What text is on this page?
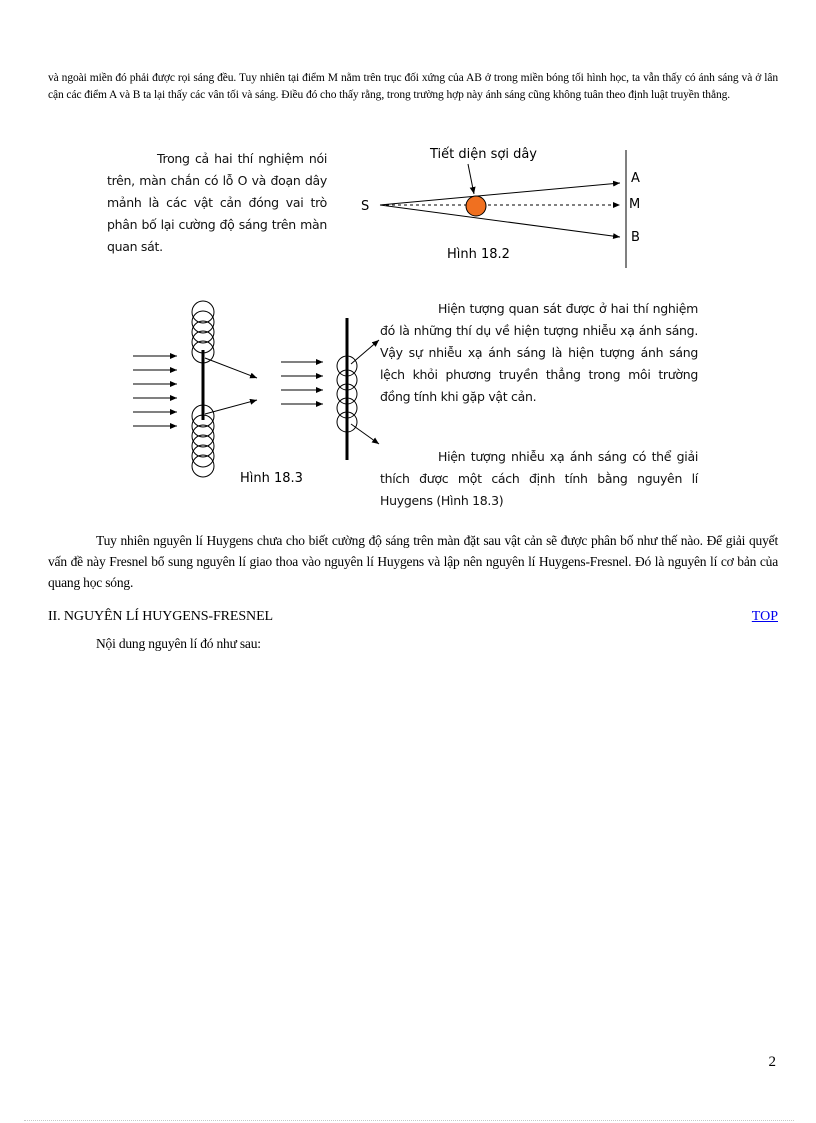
và ngoài miền đó phải được rọi sáng đều. Tuy nhiên tại điểm M nằm trên trục đối xứng của AB ở trong miền bóng tối hình học, ta vẫn thấy có ánh sáng và ở lân cận các điểm A và B ta lại thấy các vân tối và sáng. Điều đó cho thấy rằng, trong trường hợp này ánh sáng cũng không tuân theo định luật truyền thẳng.
Trong cả hai thí nghiệm nói trên, màn chắn có lỗ O và đoạn dây mảnh là các vật cản đóng vai trò phân bố lại cường độ sáng trên màn quan sát.
Tiết diện sợi dây
S
A
M
B
Hình 18.2
Hình 18.3
Hiện tượng quan sát được ở hai thí nghiệm đó là những thí dụ về hiện tượng nhiễu xạ ánh sáng. Vậy sự nhiễu xạ ánh sáng là hiện tượng ánh sáng lệch khỏi phương truyền thẳng trong môi trường đồng tính khi gặp vật cản.
Hiện tượng nhiễu xạ ánh sáng có thể giải thích được một cách định tính bằng nguyên lí Huygens (Hình 18.3)
Tuy nhiên nguyên lí Huygens chưa cho biết cường độ sáng trên màn đặt sau vật cản sẽ được phân bố như thế nào. Để giải quyết vấn đề này Fresnel bổ sung nguyên lí giao thoa vào nguyên lí Huygens và lập nên nguyên lí Huygens-Fresnel. Đó là nguyên lí cơ bản của quang học sóng.
II. NGUYÊN LÍ HUYGENS-FRESNEL	TOP
Nội dung nguyên lí đó như sau:
2
